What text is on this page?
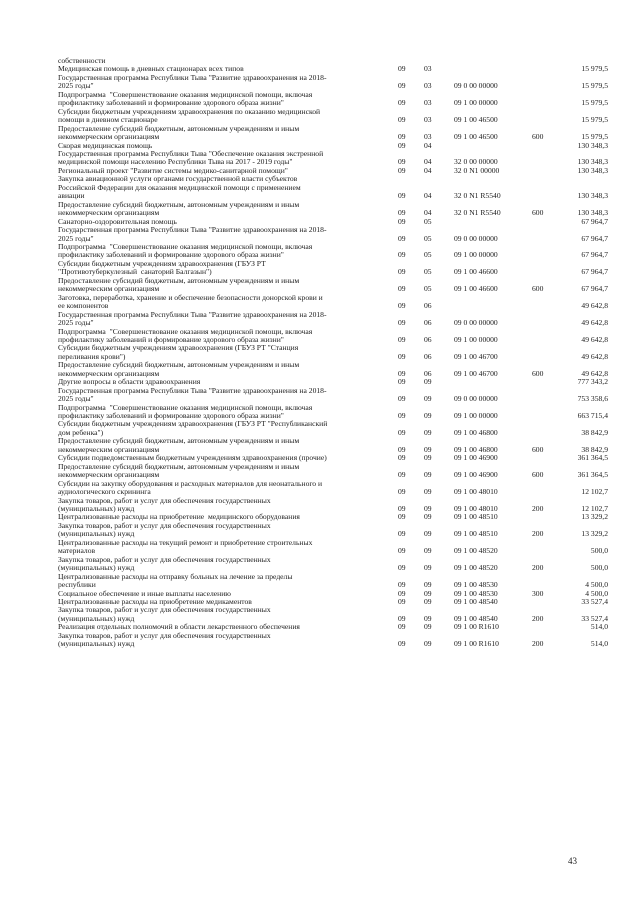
собственности					
Медицинская помощь в дневных стационарах всех типов	09	03			15 979,5
Государственная программа Республики Тыва "Развитие здравоохранения на 2018-
2025 годы"	09	03	09 0 00 00000		15 979,5
Подпрограмма  "Совершенствование оказания медицинской помощи, включая
профилактику заболеваний и формирование здорового образа жизни"	09	03	09 1 00 00000		15 979,5
Субсидии бюджетным учреждениям здравоохранения по оказанию медицинской
помощи в дневном стационаре	09	03	09 1 00 46500		15 979,5
Предоставление субсидий бюджетным, автономным учреждениям и иным
некоммерческим организациям	09	03	09 1 00 46500	600	15 979,5
Скорая медицинская помощь	09	04			130 348,3
Государственная программа Республики Тыва "Обеспечение оказания экстренной
медицинской помощи населению Республики Тыва на 2017 - 2019 годы"	09	04	32 0 00 00000		130 348,3
Региональный проект "Развитие системы медико-санитарной помощи"	09	04	32 0 N1 00000		130 348,3
Закупка авиационной услуги органами государственной власти субъектов
Российской Федерации для оказания медицинской помощи с применением
авиации	09	04	32 0 N1 R5540		130 348,3
Предоставление субсидий бюджетным, автономным учреждениям и иным
некоммерческим организациям	09	04	32 0 N1 R5540	600	130 348,3
Санаторно-оздоровительная помощь	09	05			67 964,7
Государственная программа Республики Тыва "Развитие здравоохранения на 2018-
2025 годы"	09	05	09 0 00 00000		67 964,7
Подпрограмма  "Совершенствование оказания медицинской помощи, включая
профилактику заболеваний и формирование здорового образа жизни"	09	05	09 1 00 00000		67 964,7
Субсидии бюджетным учреждениям здравоохранения (ГБУЗ РТ
"Противотуберкулезный  санаторий Балгазын")	09	05	09 1 00 46600		67 964,7
Предоставление субсидий бюджетным, автономным учреждениям и иным
некоммерческим организациям	09	05	09 1 00 46600	600	67 964,7
Заготовка, переработка, хранение и обеспечение безопасности донорской крови и
ее компонентов	09	06			49 642,8
Государственная программа Республики Тыва "Развитие здравоохранения на 2018-
2025 годы"	09	06	09 0 00 00000		49 642,8
Подпрограмма  "Совершенствование оказания медицинской помощи, включая
профилактику заболеваний и формирование здорового образа жизни"	09	06	09 1 00 00000		49 642,8
Субсидии бюджетным учреждениям здравоохранения (ГБУЗ РТ "Станция
переливания крови")	09	06	09 1 00 46700		49 642,8
Предоставление субсидий бюджетным, автономным учреждениям и иным
некоммерческим организациям	09	06	09 1 00 46700	600	49 642,8
Другие вопросы в области здравоохранения	09	09			777 343,2
Государственная программа Республики Тыва "Развитие здравоохранения на 2018-
2025 годы"	09	09	09 0 00 00000		753 358,6
Подпрограмма  "Совершенствование оказания медицинской помощи, включая
профилактику заболеваний и формирование здорового образа жизни"	09	09	09 1 00 00000		663 715,4
Субсидии бюджетным учреждениям здравоохранения (ГБУЗ РТ "Республиканский
дом ребенка")	09	09	09 1 00 46800		38 842,9
Предоставление субсидий бюджетным, автономным учреждениям и иным
некоммерческим организациям	09	09	09 1 00 46800	600	38 842,9
Субсидии подведомственным бюджетным учреждениям здравоохранения (прочие)	09	09	09 1 00 46900		361 364,5
Предоставление субсидий бюджетным, автономным учреждениям и иным
некоммерческим организациям	09	09	09 1 00 46900	600	361 364,5
Субсидии на закупку оборудования и расходных материалов для неонатального и
аудиологического скрининга	09	09	09 1 00 48010		12 102,7
Закупка товаров, работ и услуг для обеспечения государственных
(муниципальных) нужд	09	09	09 1 00 48010	200	12 102,7
Централизованные расходы на приобретение  медицинского оборудования	09	09	09 1 00 48510		13 329,2
Закупка товаров, работ и услуг для обеспечения государственных
(муниципальных) нужд	09	09	09 1 00 48510	200	13 329,2
Централизованные расходы на текущий ремонт и приобретение строительных
материалов	09	09	09 1 00 48520		500,0
Закупка товаров, работ и услуг для обеспечения государственных
(муниципальных) нужд	09	09	09 1 00 48520	200	500,0
Централизованные расходы на отправку больных на лечение за пределы
республики	09	09	09 1 00 48530		4 500,0
Социальное обеспечение и иные выплаты населению	09	09	09 1 00 48530	300	4 500,0
Централизованные расходы на приобретение медикаментов	09	09	09 1 00 48540		33 527,4
Закупка товаров, работ и услуг для обеспечения государственных
(муниципальных) нужд	09	09	09 1 00 48540	200	33 527,4
Реализация отдельных полномочий в области лекарственного обеспечения	09	09	09 1 00 R1610		514,0
Закупка товаров, работ и услуг для обеспечения государственных
(муниципальных) нужд	09	09	09 1 00 R1610	200	514,0
43
